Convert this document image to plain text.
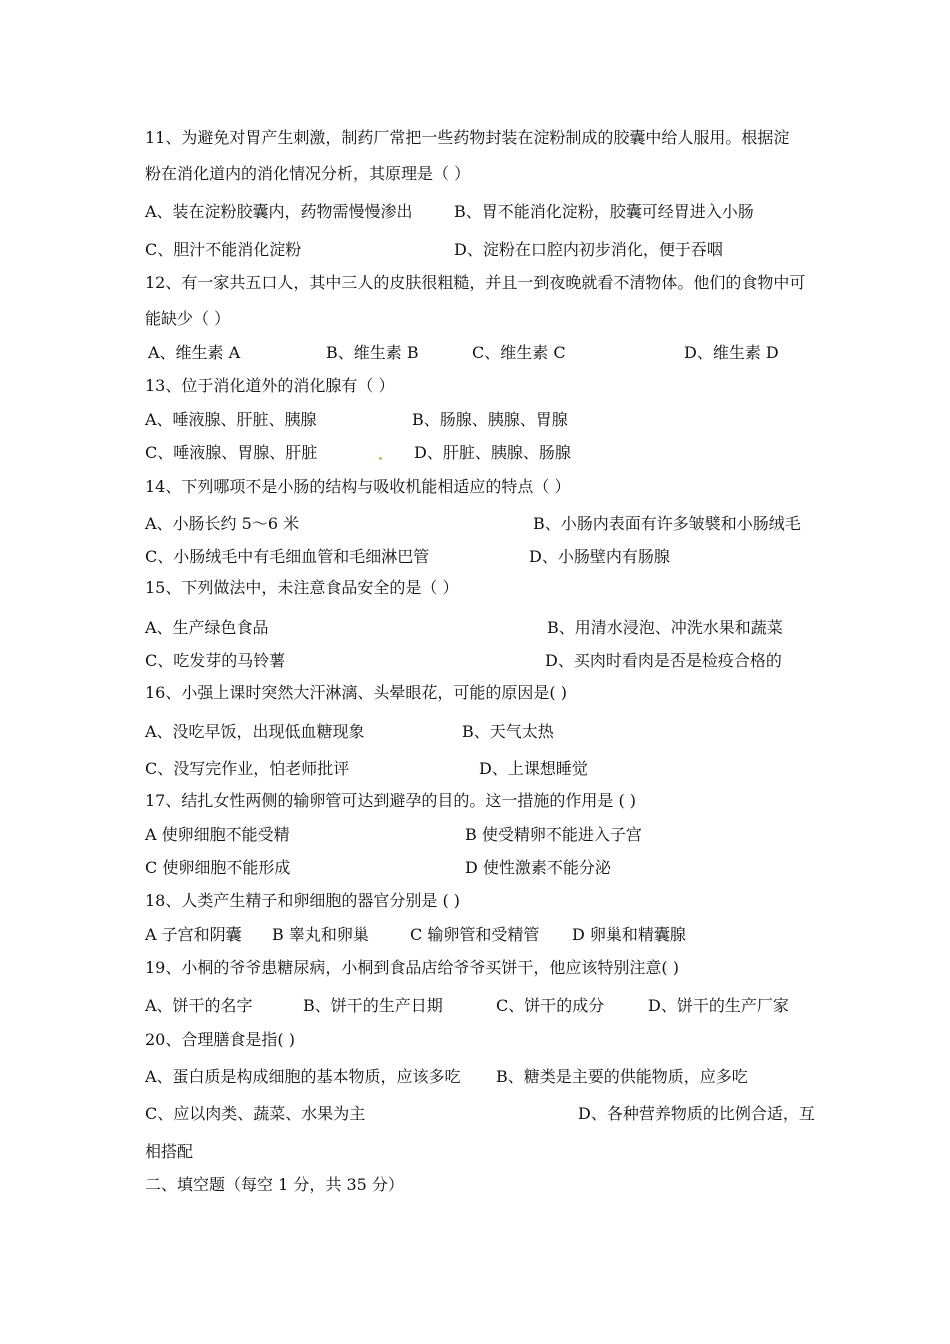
11、为避免对胃产生刺激，制药厂常把一些药物封装在淀粉制成的胶囊中给人服用。根据淀
粉在消化道内的消化情况分析，其原理是（ ）
A、装在淀粉胶囊内，药物需慢慢渗出	B、胃不能消化淀粉，胶囊可经胃进入小肠
C、胆汁不能消化淀粉	D、淀粉在口腔内初步消化，便于吞咽
12、有一家共五口人，其中三人的皮肤很粗糙，并且一到夜晚就看不清物体。他们的食物中可
能缺少（ ）
A、维生素 A	B、维生素 B	C、维生素 C	D、维生素 D
13、位于消化道外的消化腺有（ ）
A、唾液腺、肝脏、胰腺	B、肠腺、胰腺、胃腺
C、唾液腺、胃腺、肝脏	D、肝脏、胰腺、肠腺
14、下列哪项不是小肠的结构与吸收机能相适应的特点（ ）
A、小肠长约 5～6 米	B、小肠内表面有许多皱襞和小肠绒毛
C、小肠绒毛中有毛细血管和毛细淋巴管	D、小肠壁内有肠腺
15、下列做法中，未注意食品安全的是（ ）
A、生产绿色食品	B、用清水浸泡、冲洗水果和蔬菜
C、吃发芽的马铃薯	D、买肉时看肉是否是检疫合格的
16、小强上课时突然大汗淋漓、头晕眼花，可能的原因是( )
A、没吃早饭，出现低血糖现象	B、天气太热
C、没写完作业，怕老师批评	D、上课想睡觉
17、结扎女性两侧的输卵管可达到避孕的目的。这一措施的作用是 ( )
A 使卵细胞不能受精	B 使受精卵不能进入子宫
C 使卵细胞不能形成	D 使性激素不能分泌
18、人类产生精子和卵细胞的器官分别是 ( )
A 子宫和阴囊 B 睾丸和卵巢	C 输卵管和受精管 D 卵巢和精囊腺
19、小桐的爷爷患糖尿病，小桐到食品店给爷爷买饼干，他应该特别注意( )
A、饼干的名字	B、饼干的生产日期	C、饼干的成分	D、饼干的生产厂家
20、合理膳食是指( )
A、蛋白质是构成细胞的基本物质，应该多吃 B、糖类是主要的供能物质，应多吃
C、应以肉类、蔬菜、水果为主	D、各种营养物质的比例合适，互
相搭配
二、填空题（每空 1 分，共 35 分）
